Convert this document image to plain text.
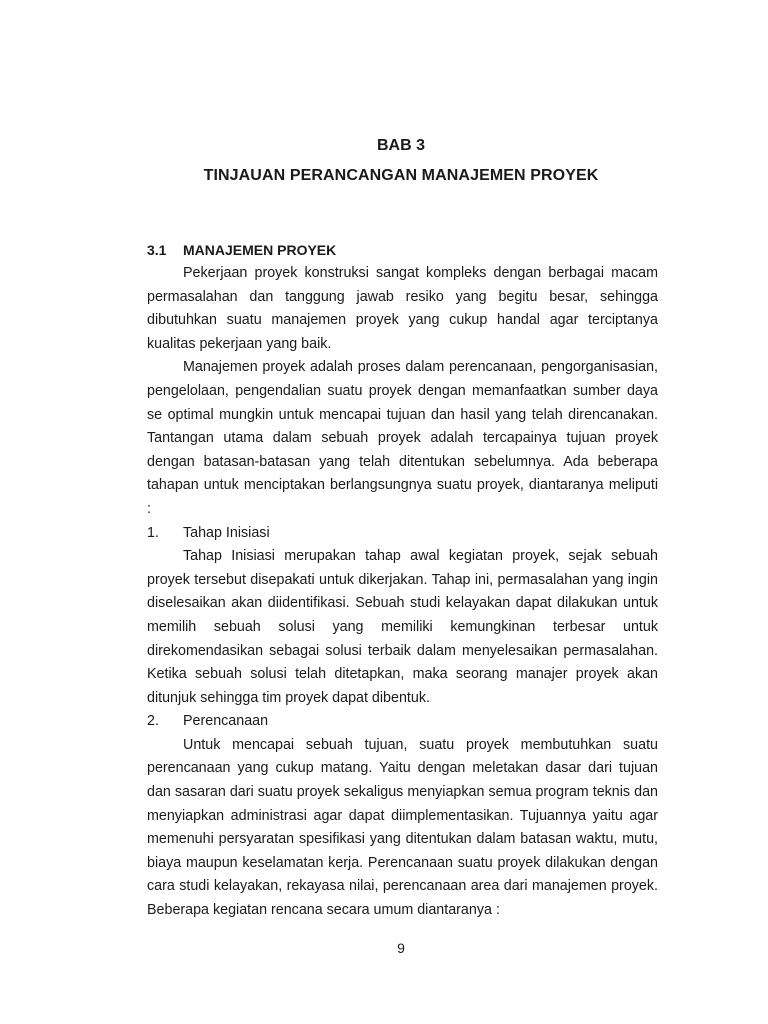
BAB 3
TINJAUAN PERANCANGAN MANAJEMEN PROYEK
3.1 MANAJEMEN PROYEK

Pekerjaan proyek konstruksi sangat kompleks dengan berbagai macam permasalahan dan tanggung jawab resiko yang begitu besar, sehingga dibutuhkan suatu manajemen proyek yang cukup handal agar terciptanya kualitas pekerjaan yang baik.

Manajemen proyek adalah proses dalam perencanaan, pengorganisasian, pengelolaan, pengendalian suatu proyek dengan memanfaatkan sumber daya se optimal mungkin untuk mencapai tujuan dan hasil yang telah direncanakan. Tantangan utama dalam sebuah proyek adalah tercapainya tujuan proyek dengan batasan-batasan yang telah ditentukan sebelumnya. Ada beberapa tahapan untuk menciptakan berlangsungnya suatu proyek, diantaranya meliputi :

1. Tahap Inisiasi

Tahap Inisiasi merupakan tahap awal kegiatan proyek, sejak sebuah proyek tersebut disepakati untuk dikerjakan. Tahap ini, permasalahan yang ingin diselesaikan akan diidentifikasi. Sebuah studi kelayakan dapat dilakukan untuk memilih sebuah solusi yang memiliki kemungkinan terbesar untuk direkomendasikan sebagai solusi terbaik dalam menyelesaikan permasalahan. Ketika sebuah solusi telah ditetapkan, maka seorang manajer proyek akan ditunjuk sehingga tim proyek dapat dibentuk.

2. Perencanaan

Untuk mencapai sebuah tujuan, suatu proyek membutuhkan suatu perencanaan yang cukup matang. Yaitu dengan meletakan dasar dari tujuan dan sasaran dari suatu proyek sekaligus menyiapkan semua program teknis dan menyiapkan administrasi agar dapat diimplementasikan. Tujuannya yaitu agar memenuhi persyaratan spesifikasi yang ditentukan dalam batasan waktu, mutu, biaya maupun keselamatan kerja. Perencanaan suatu proyek dilakukan dengan cara studi kelayakan, rekayasa nilai, perencanaan area dari manajemen proyek. Beberapa kegiatan rencana secara umum diantaranya :

9
